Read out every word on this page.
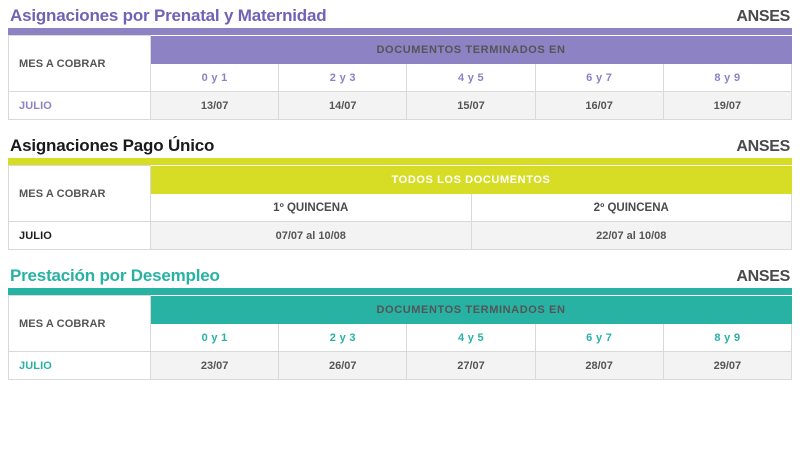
Asignaciones por Prenatal y Maternidad	ANSES
MES A COBRAR	DOCUMENTOS TERMINADOS EN				
	0 y 1	2 y 3	4 y 5	6 y 7	8 y 9
JULIO	13/07	14/07	15/07	16/07	19/07
Asignaciones Pago Único	ANSES
MES A COBRAR	TODOS LOS DOCUMENTOS	
	1º QUINCENA	2º QUINCENA
JULIO	07/07 al 10/08	22/07 al 10/08
Prestación por Desempleo	ANSES
MES A COBRAR	DOCUMENTOS TERMINADOS EN				
	0 y 1	2 y 3	4 y 5	6 y 7	8 y 9
JULIO	23/07	26/07	27/07	28/07	29/07
